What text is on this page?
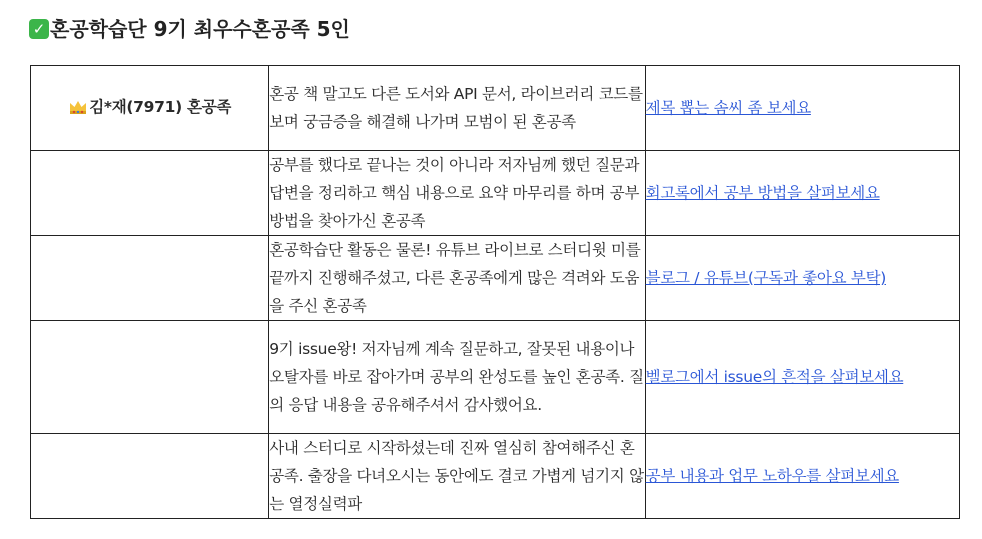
✓ 혼공학습단 9기 최우수혼공족 5인
김*재(7971) 혼공족	혼공 책 말고도 다른 도서와 API 문서, 라이브러리 코드를 보며 궁금증을 해결해 나가며 모범이 된 혼공족	제목 뽑는 솜씨 좀 보세요

	공부를 했다로 끝나는 것이 아니라 저자님께 했던 질문과 답변을 정리하고 핵심 내용으로 요약 마무리를 하며 공부 방법을 찾아가신 혼공족	회고록에서 공부 방법을 살펴보세요

	혼공학습단 활동은 물론! 유튜브 라이브로 스터디윗 미를 끝까지 진행해주셨고, 다른 혼공족에게 많은 격려와 도움을 주신 혼공족	블로그 / 유튜브(구독과 좋아요 부탁)

	9기 issue왕! 저자님께 계속 질문하고, 잘못된 내용이나 오탈자를 바로 잡아가며 공부의 완성도를 높인 혼공족. 질의 응답 내용을 공유해주셔서 감사했어요.	벨로그에서 issue의 흔적을 살펴보세요

	사내 스터디로 시작하셨는데 진짜 열심히 참여해주신 혼공족. 출장을 다녀오시는 동안에도 결코 가볍게 넘기지 않는 열정실력파	공부 내용과 업무 노하우를 살펴보세요
